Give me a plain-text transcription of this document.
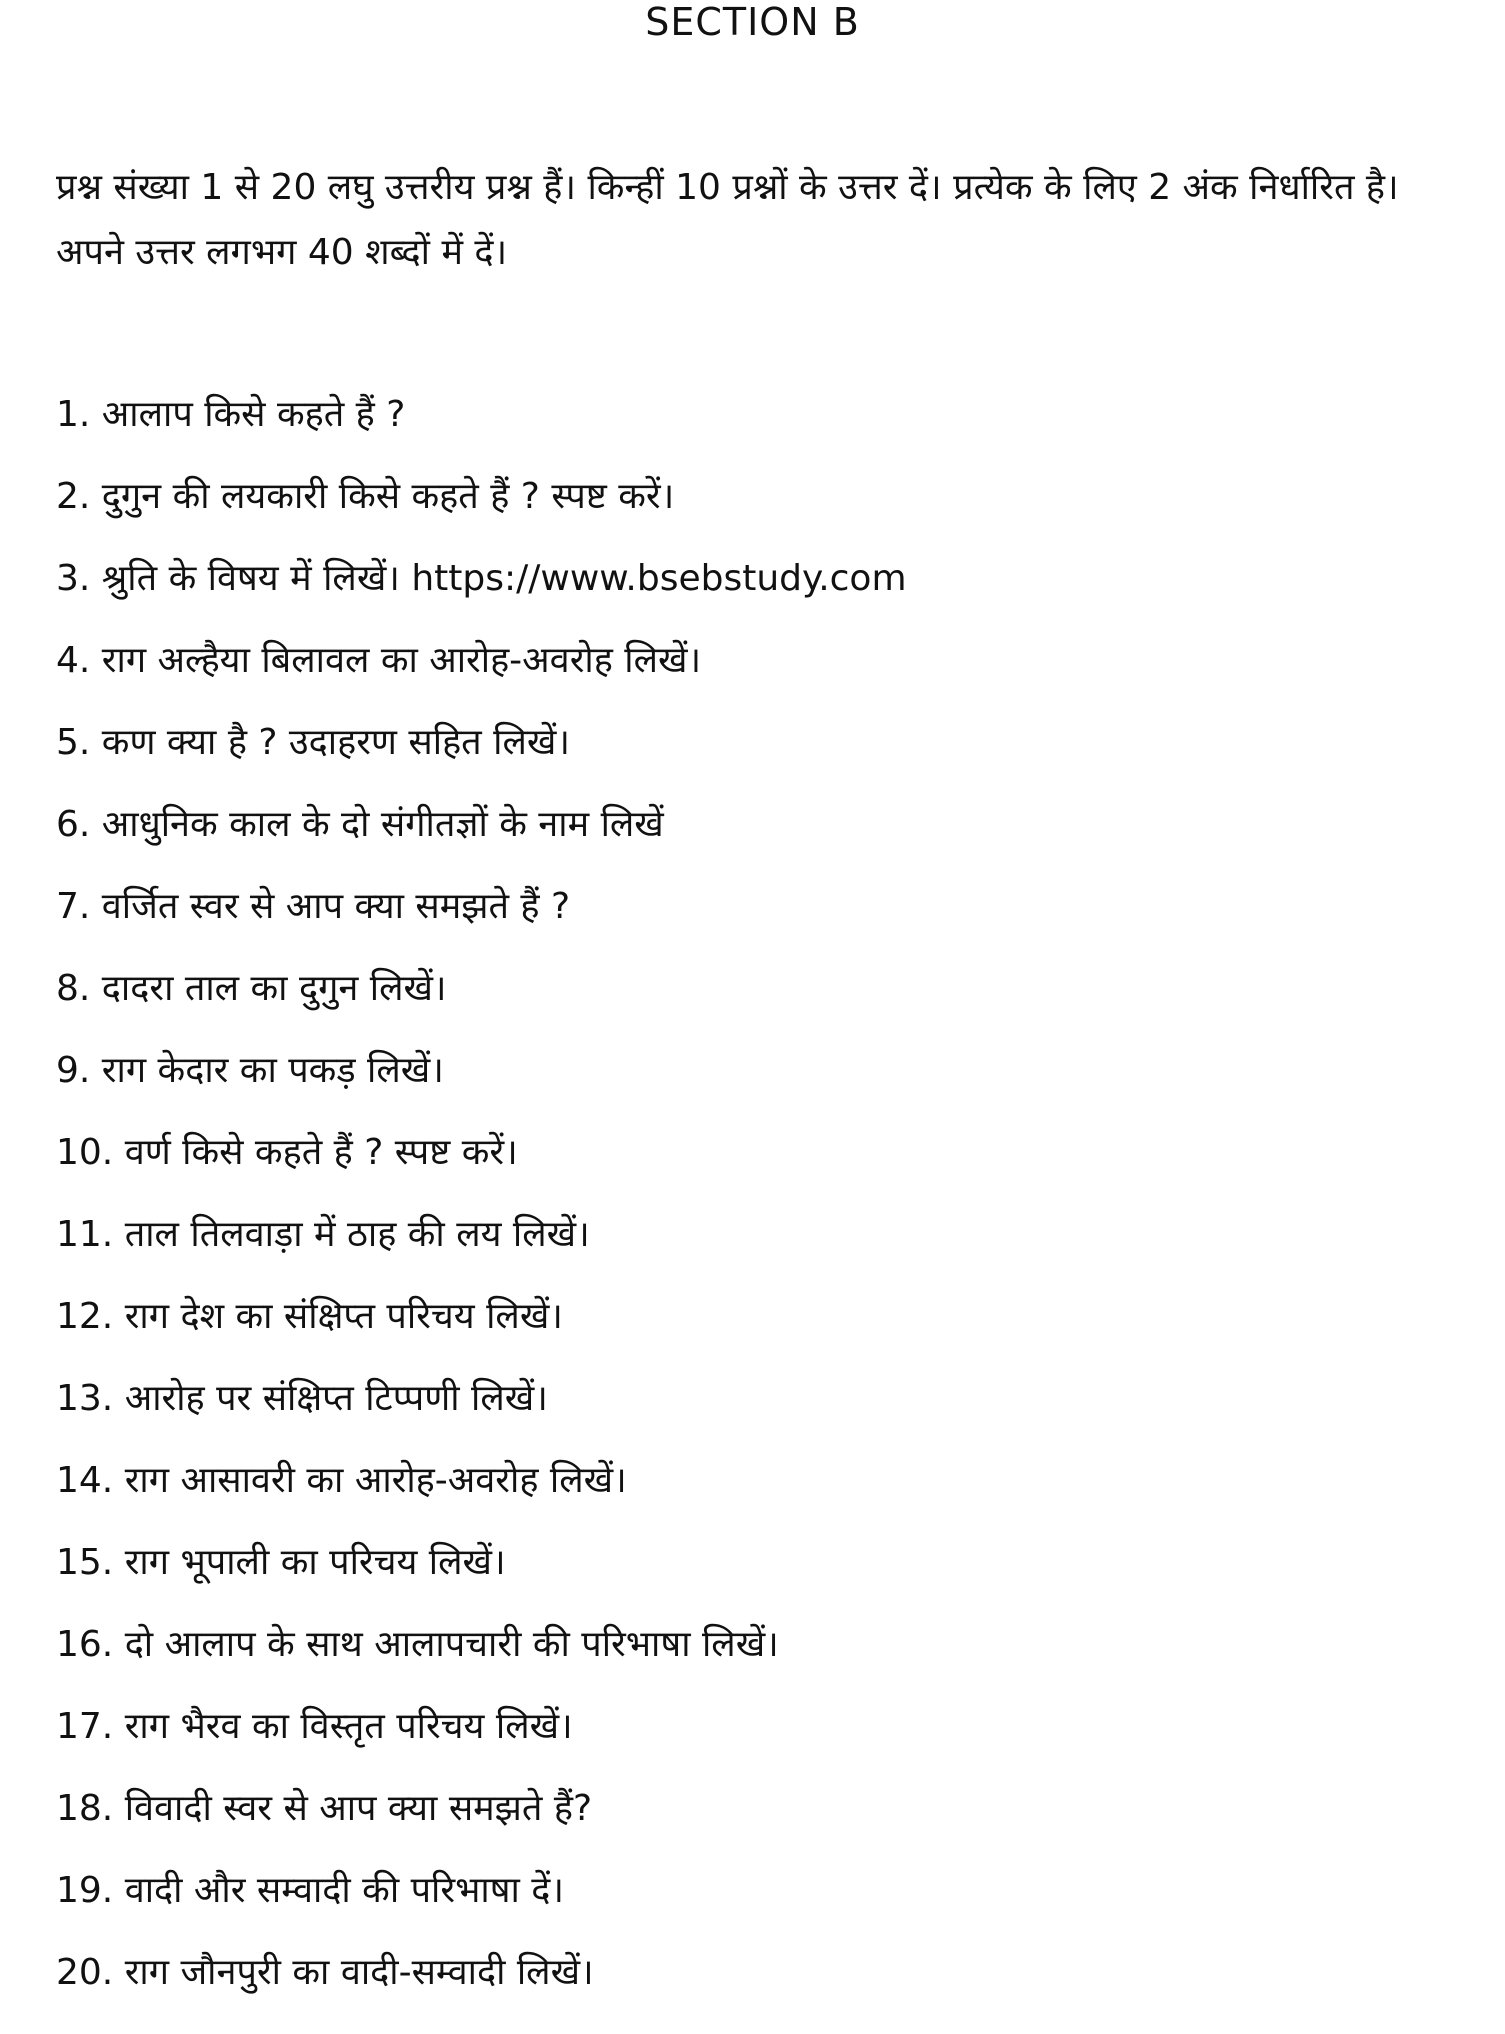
SECTION B
प्रश्न संख्या 1 से 20 लघु उत्तरीय प्रश्न हैं। किन्हीं 10 प्रश्नों के उत्तर दें। प्रत्येक के लिए 2 अंक निर्धारित है। अपने उत्तर लगभग 40 शब्दों में दें।
1. आलाप किसे कहते हैं ?
2. दुगुन की लयकारी किसे कहते हैं ? स्पष्ट करें।
3. श्रुति के विषय में लिखें। https://www.bsebstudy.com
4. राग अल्हैया बिलावल का आरोह-अवरोह लिखें।
5. कण क्या है ? उदाहरण सहित लिखें।
6. आधुनिक काल के दो संगीतज्ञों के नाम लिखें
7. वर्जित स्वर से आप क्या समझते हैं ?
8. दादरा ताल का दुगुन लिखें।
9. राग केदार का पकड़ लिखें।
10. वर्ण किसे कहते हैं ? स्पष्ट करें।
11. ताल तिलवाड़ा में ठाह की लय लिखें।
12. राग देश का संक्षिप्त परिचय लिखें।
13. आरोह पर संक्षिप्त टिप्पणी लिखें।
14. राग आसावरी का आरोह-अवरोह लिखें।
15. राग भूपाली का परिचय लिखें।
16. दो आलाप के साथ आलापचारी की परिभाषा लिखें।
17. राग भैरव का विस्तृत परिचय लिखें।
18. विवादी स्वर से आप क्या समझते हैं?
19. वादी और सम्वादी की परिभाषा दें।
20. राग जौनपुरी का वादी-सम्वादी लिखें।
